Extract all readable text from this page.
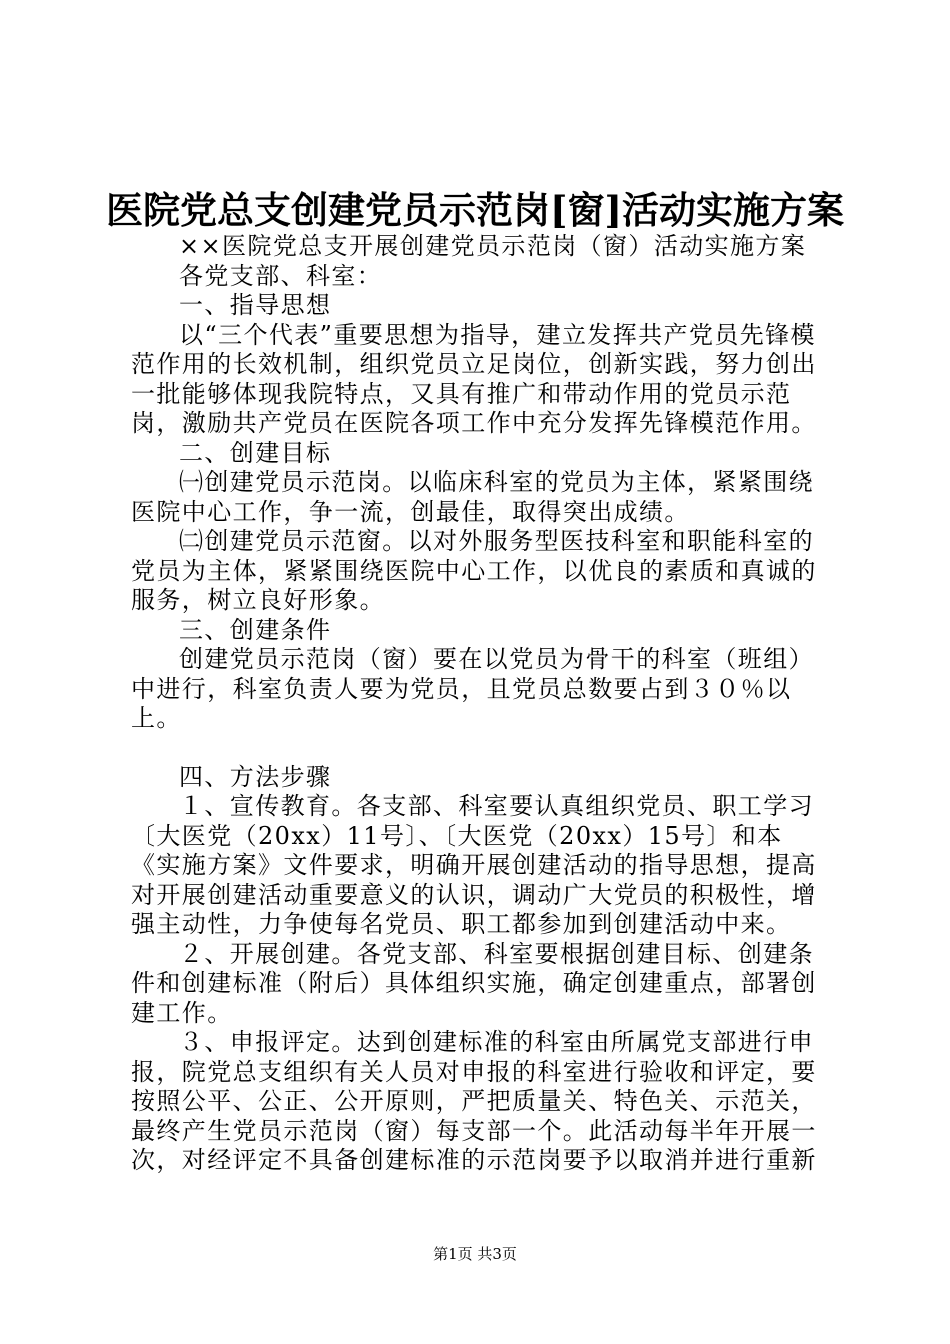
医院党总支创建党员示范岗[窗]活动实施方案

××医院党总支开展创建党员示范岗（窗）活动实施方案

各党支部、科室：

一、指导思想

以“三个代表”重要思想为指导，建立发挥共产党员先锋模范作用的长效机制，组织党员立足岗位，创新实践，努力创出一批能够体现我院特点，又具有推广和带动作用的党员示范岗，激励共产党员在医院各项工作中充分发挥先锋模范作用。

二、创建目标

㈠创建党员示范岗。以临床科室的党员为主体，紧紧围绕医院中心工作，争一流，创最佳，取得突出成绩。

㈡创建党员示范窗。以对外服务型医技科室和职能科室的党员为主体，紧紧围绕医院中心工作，以优良的素质和真诚的服务，树立良好形象。

三、创建条件

创建党员示范岗（窗）要在以党员为骨干的科室（班组）中进行，科室负责人要为党员，且党员总数要占到３０％以上。

四、方法步骤

１、宣传教育。各支部、科室要认真组织党员、职工学习〔大医党（20xx）11号〕、〔大医党（20xx）15号〕和本《实施方案》文件要求，明确开展创建活动的指导思想，提高对开展创建活动重要意义的认识，调动广大党员的积极性，增强主动性，力争使每名党员、职工都参加到创建活动中来。

２、开展创建。各党支部、科室要根据创建目标、创建条件和创建标准（附后）具体组织实施，确定创建重点，部署创建工作。

３、申报评定。达到创建标准的科室由所属党支部进行申报，院党总支组织有关人员对申报的科室进行验收和评定，要按照公平、公正、公开原则，严把质量关、特色关、示范关，最终产生党员示范岗（窗）每支部一个。此活动每半年开展一次，对经评定不具备创建标准的示范岗要予以取消并进行重新

第1页 共3页
